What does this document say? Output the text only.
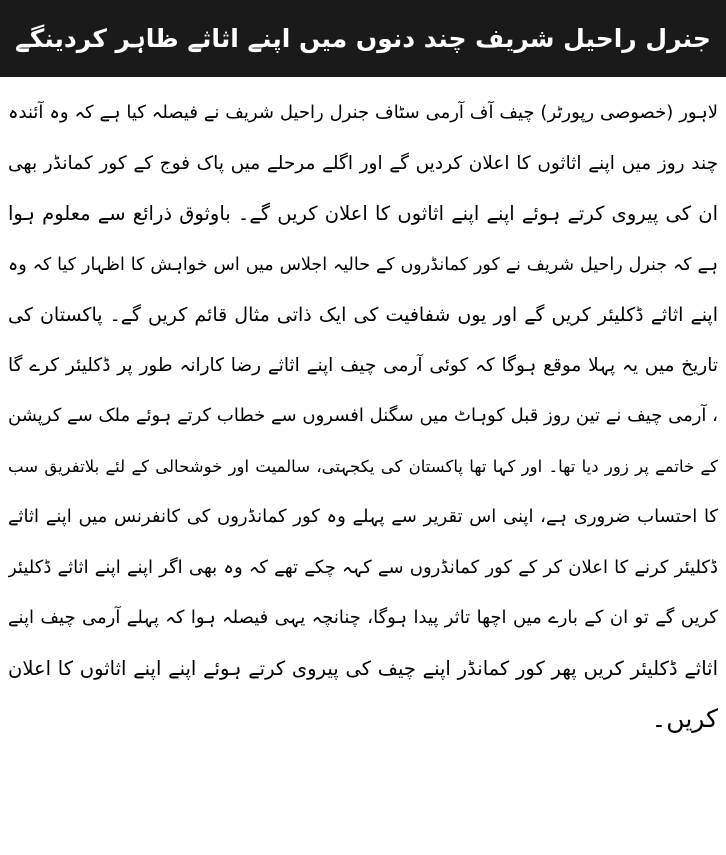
جنرل راحیل شریف چند دنوں میں اپنے اثاثے ظاہر کردینگے
لاہور (خصوصی رپورٹر) چیف آف آرمی سٹاف جنرل راحیل شریف نے فیصلہ کیا ہے کہ وہ آئندہ
چند روز میں اپنے اثاثوں کا اعلان کردیں گے اور اگلے مرحلے میں پاک فوج کے کور کمانڈر بھی
ان کی پیروی کرتے ہوئے اپنے اپنے اثاثوں کا اعلان کریں گے۔ باوثوق ذرائع سے معلوم ہوا
ہے کہ جنرل راحیل شریف نے کور کمانڈروں کے حالیہ اجلاس میں اس خواہش کا اظہار کیا کہ وہ
اپنے اثاثے ڈکلیئر کریں گے اور یوں شفافیت کی ایک ذاتی مثال قائم کریں گے۔ پاکستان کی
تاریخ میں یہ پہلا موقع ہوگا کہ کوئی آرمی چیف اپنے اثاثے رضا کارانہ طور پر ڈکلیئر کرے گا
، آرمی چیف نے تین روز قبل کوہاٹ میں سگنل افسروں سے خطاب کرتے ہوئے ملک سے کرپشن
کے خاتمے پر زور دیا تھا۔ اور کہا تھا پاکستان کی یکجہتی، سالمیت اور خوشحالی کے لئے بلاتفریق سب
کا احتساب ضروری ہے، اپنی اس تقریر سے پہلے وہ کور کمانڈروں کی کانفرنس میں اپنے اثاثے
ڈکلیئر کرنے کا اعلان کر کے کور کمانڈروں سے کہہ چکے تھے کہ وہ بھی اگر اپنے اپنے اثاثے ڈکلیئر
کریں گے تو ان کے بارے میں اچھا تاثر پیدا ہوگا، چنانچہ یہی فیصلہ ہوا کہ پہلے آرمی چیف اپنے
اثاثے ڈکلیئر کریں پھر کور کمانڈر اپنے چیف کی پیروی کرتے ہوئے اپنے اپنے اثاثوں کا اعلان
کریں۔
